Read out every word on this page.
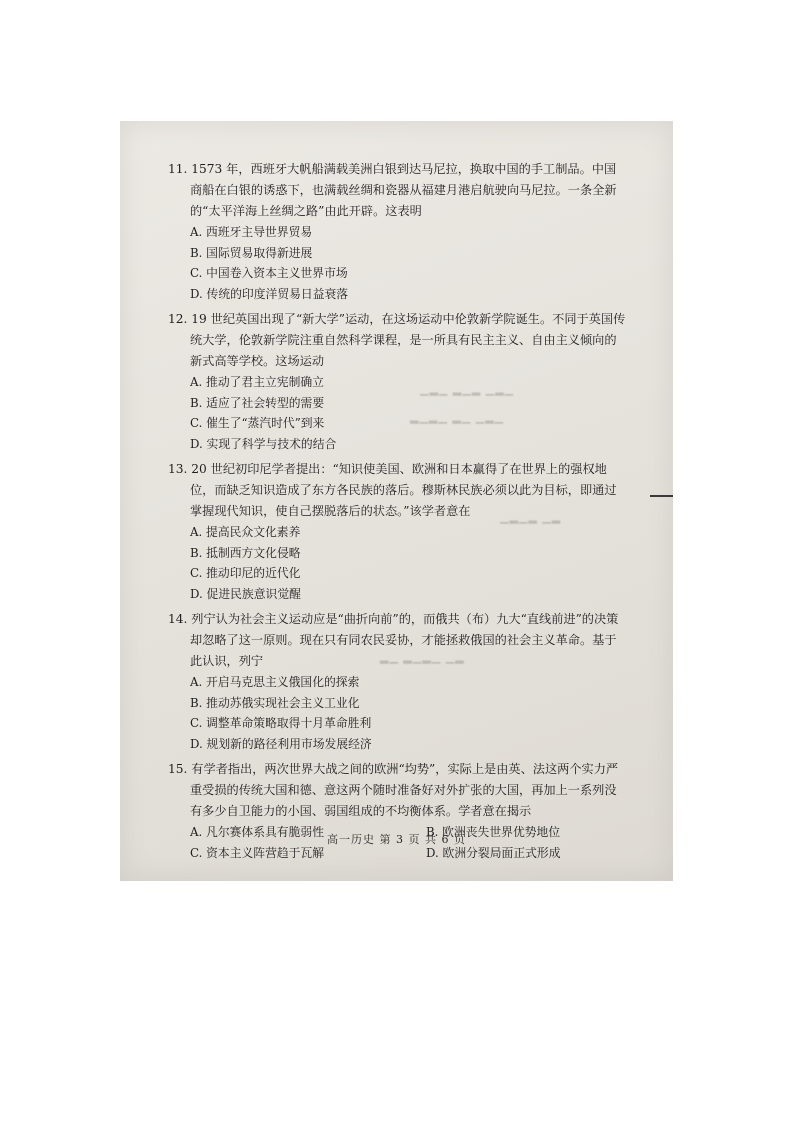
▁▂▁ ▂▁▂ ▁▂▁
▂▁▂▁ ▂▁ ▁▂▁
▁▂▁▂ ▁▂
▂▁ ▂▁▂▁ ▁▂

11. 1573 年，西班牙大帆船满载美洲白银到达马尼拉，换取中国的手工制品。中国商船在白银的诱惑下，也满载丝绸和瓷器从福建月港启航驶向马尼拉。一条全新的“太平洋海上丝绸之路”由此开辟。这表明

A. 西班牙主导世界贸易

B. 国际贸易取得新进展

C. 中国卷入资本主义世界市场

D. 传统的印度洋贸易日益衰落

12. 19 世纪英国出现了“新大学”运动，在这场运动中伦敦新学院诞生。不同于英国传统大学，伦敦新学院注重自然科学课程，是一所具有民主主义、自由主义倾向的新式高等学校。这场运动

A. 推动了君主立宪制确立

B. 适应了社会转型的需要

C. 催生了“蒸汽时代”到来

D. 实现了科学与技术的结合

13. 20 世纪初印尼学者提出：“知识使美国、欧洲和日本赢得了在世界上的强权地位，而缺乏知识造成了东方各民族的落后。穆斯林民族必须以此为目标，即通过掌握现代知识，使自己摆脱落后的状态。”该学者意在

A. 提高民众文化素养

B. 抵制西方文化侵略

C. 推动印尼的近代化

D. 促进民族意识觉醒

14. 列宁认为社会主义运动应是“曲折向前”的，而俄共（布）九大“直线前进”的决策却忽略了这一原则。现在只有同农民妥协，才能拯救俄国的社会主义革命。基于此认识，列宁

A. 开启马克思主义俄国化的探索

B. 推动苏俄实现社会主义工业化

C. 调整革命策略取得十月革命胜利

D. 规划新的路径利用市场发展经济

15. 有学者指出，两次世界大战之间的欧洲“均势”，实际上是由英、法这两个实力严重受损的传统大国和德、意这两个随时准备好对外扩张的大国，再加上一系列没有多少自卫能力的小国、弱国组成的不均衡体系。学者意在揭示

A. 凡尔赛体系具有脆弱性	B. 欧洲丧失世界优势地位

C. 资本主义阵营趋于瓦解	D. 欧洲分裂局面正式形成

高一历史 第 3 页 共 6 页
